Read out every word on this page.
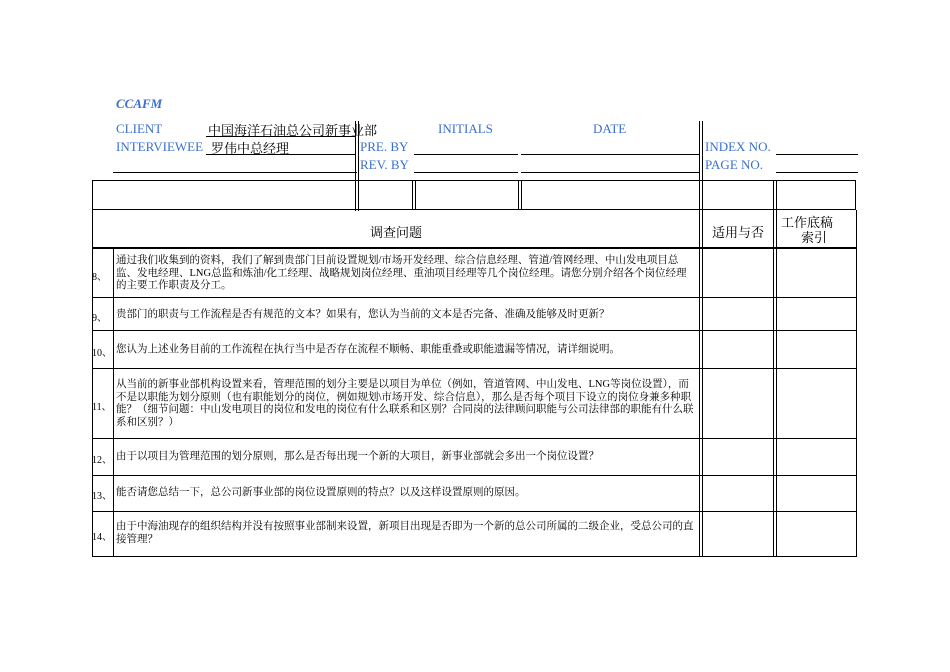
CCAFM
CLIENT	中国海洋石油总公司新事业部	INITIALS	DATE
INTERVIEWEE 罗伟中总经理	PRE. BY
REV. BY
INDEX NO.
PAGE NO.
调查问题	适用与否
工作底稿
索引
8、
通过我们收集到的资料，我们了解到贵部门目前设置规划/市场开发经理、综合信息经理、管道/管网经理、中山发电项目总监、发电经理、LNG总监和炼油/化工经理、战略规划岗位经理、重油项目经理等几个岗位经理。请您分别介绍各个岗位经理的主要工作职责及分工。
9、 贵部门的职责与工作流程是否有规范的文本？如果有，您认为当前的文本是否完备、准确及能够及时更新？
10、 您认为上述业务目前的工作流程在执行当中是否存在流程不顺畅、职能重叠或职能遗漏等情况，请详细说明。
11、
从当前的新事业部机构设置来看，管理范围的划分主要是以项目为单位（例如，管道管网、中山发电、LNG等岗位设置），而不是以职能为划分原则（也有职能划分的岗位，例如规划\市场开发、综合信息），那么是否每个项目下设立的岗位身兼多种职能？（细节问题：中山发电项目的岗位和发电的岗位有什么联系和区别？合同岗的法律顾问职能与公司法律部的职能有什么联系和区别？）
12、 由于以项目为管理范围的划分原则，那么是否每出现一个新的大项目，新事业部就会多出一个岗位设置？
13、 能否请您总结一下，总公司新事业部的岗位设置原则的特点？以及这样设置原则的原因。
14、
由于中海油现存的组织结构并没有按照事业部制来设置，新项目出现是否即为一个新的总公司所属的二级企业，受总公司的直接管理？
